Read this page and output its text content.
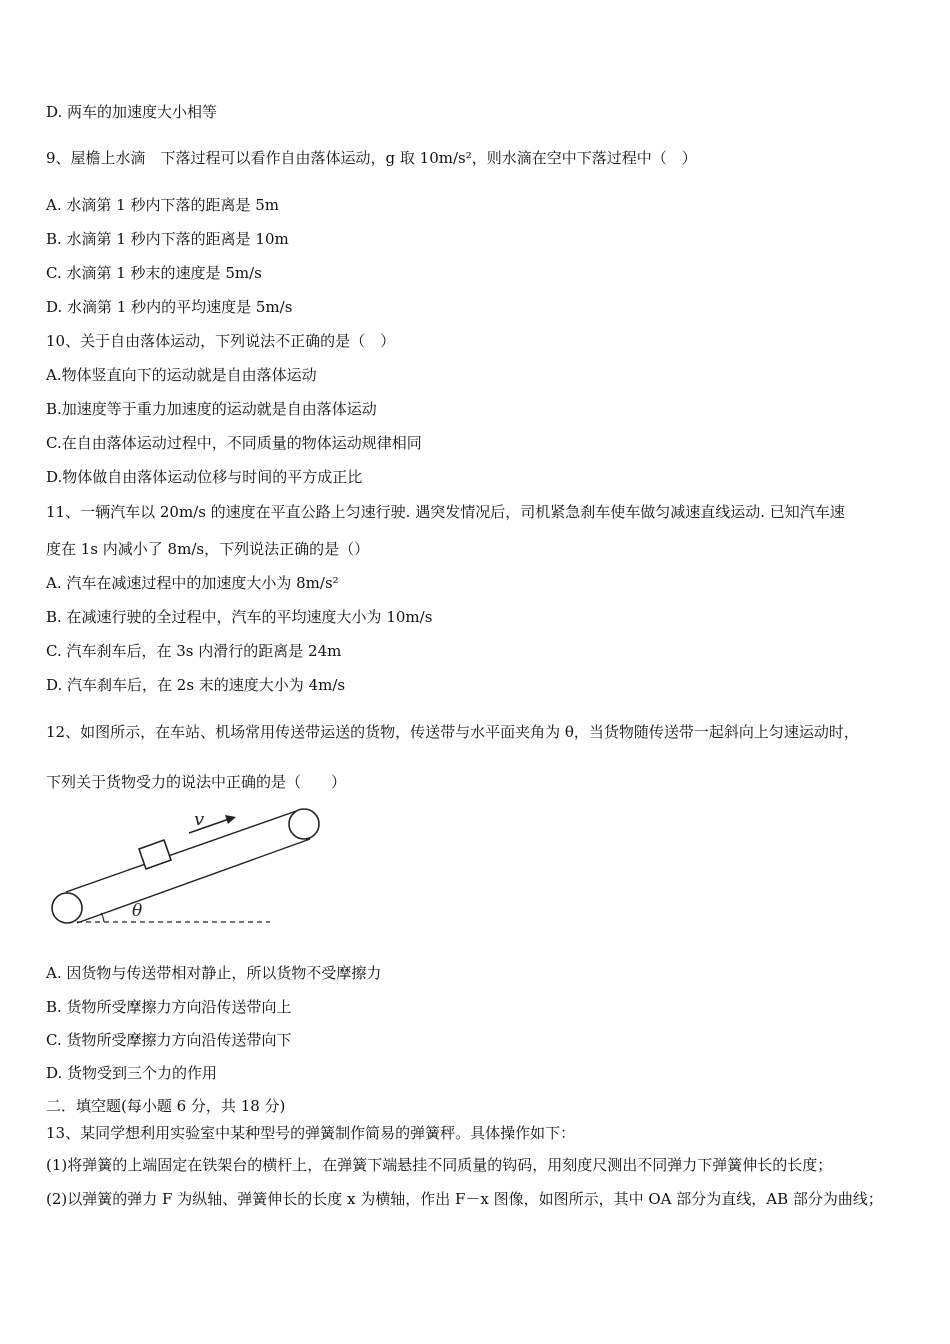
D. 两车的加速度大小相等
9、屋檐上水滴　下落过程可以看作自由落体运动，g 取 10m/s²，则水滴在空中下落过程中（　）
A. 水滴第 1 秒内下落的距离是 5m
B. 水滴第 1 秒内下落的距离是 10m
C. 水滴第 1 秒末的速度是 5m/s
D. 水滴第 1 秒内的平均速度是 5m/s
10、关于自由落体运动，下列说法不正确的是（　）
A.物体竖直向下的运动就是自由落体运动
B.加速度等于重力加速度的运动就是自由落体运动
C.在自由落体运动过程中，不同质量的物体运动规律相同
D.物体做自由落体运动位移与时间的平方成正比
11、一辆汽车以 20m/s 的速度在平直公路上匀速行驶. 遇突发情况后，司机紧急刹车使车做匀减速直线运动. 已知汽车速
度在 1s 内减小了 8m/s，下列说法正确的是（）
A. 汽车在减速过程中的加速度大小为 8m/s²
B. 在减速行驶的全过程中，汽车的平均速度大小为 10m/s
C. 汽车刹车后，在 3s 内滑行的距离是 24m
D. 汽车刹车后，在 2s 末的速度大小为 4m/s
12、如图所示，在车站、机场常用传送带运送的货物，传送带与水平面夹角为 θ，当货物随传送带一起斜向上匀速运动时，
下列关于货物受力的说法中正确的是（　　）
A. 因货物与传送带相对静止，所以货物不受摩擦力
B. 货物所受摩擦力方向沿传送带向上
C. 货物所受摩擦力方向沿传送带向下
D. 货物受到三个力的作用
二．填空题(每小题 6 分，共 18 分)
13、某同学想利用实验室中某种型号的弹簧制作简易的弹簧秤。具体操作如下：
(1)将弹簧的上端固定在铁架台的横杆上，在弹簧下端悬挂不同质量的钩码，用刻度尺测出不同弹力下弹簧伸长的长度；
(2)以弹簧的弹力 F 为纵轴、弹簧伸长的长度 x 为横轴，作出 F－x 图像，如图所示，其中 OA 部分为直线，AB 部分为曲线；
v
θ
